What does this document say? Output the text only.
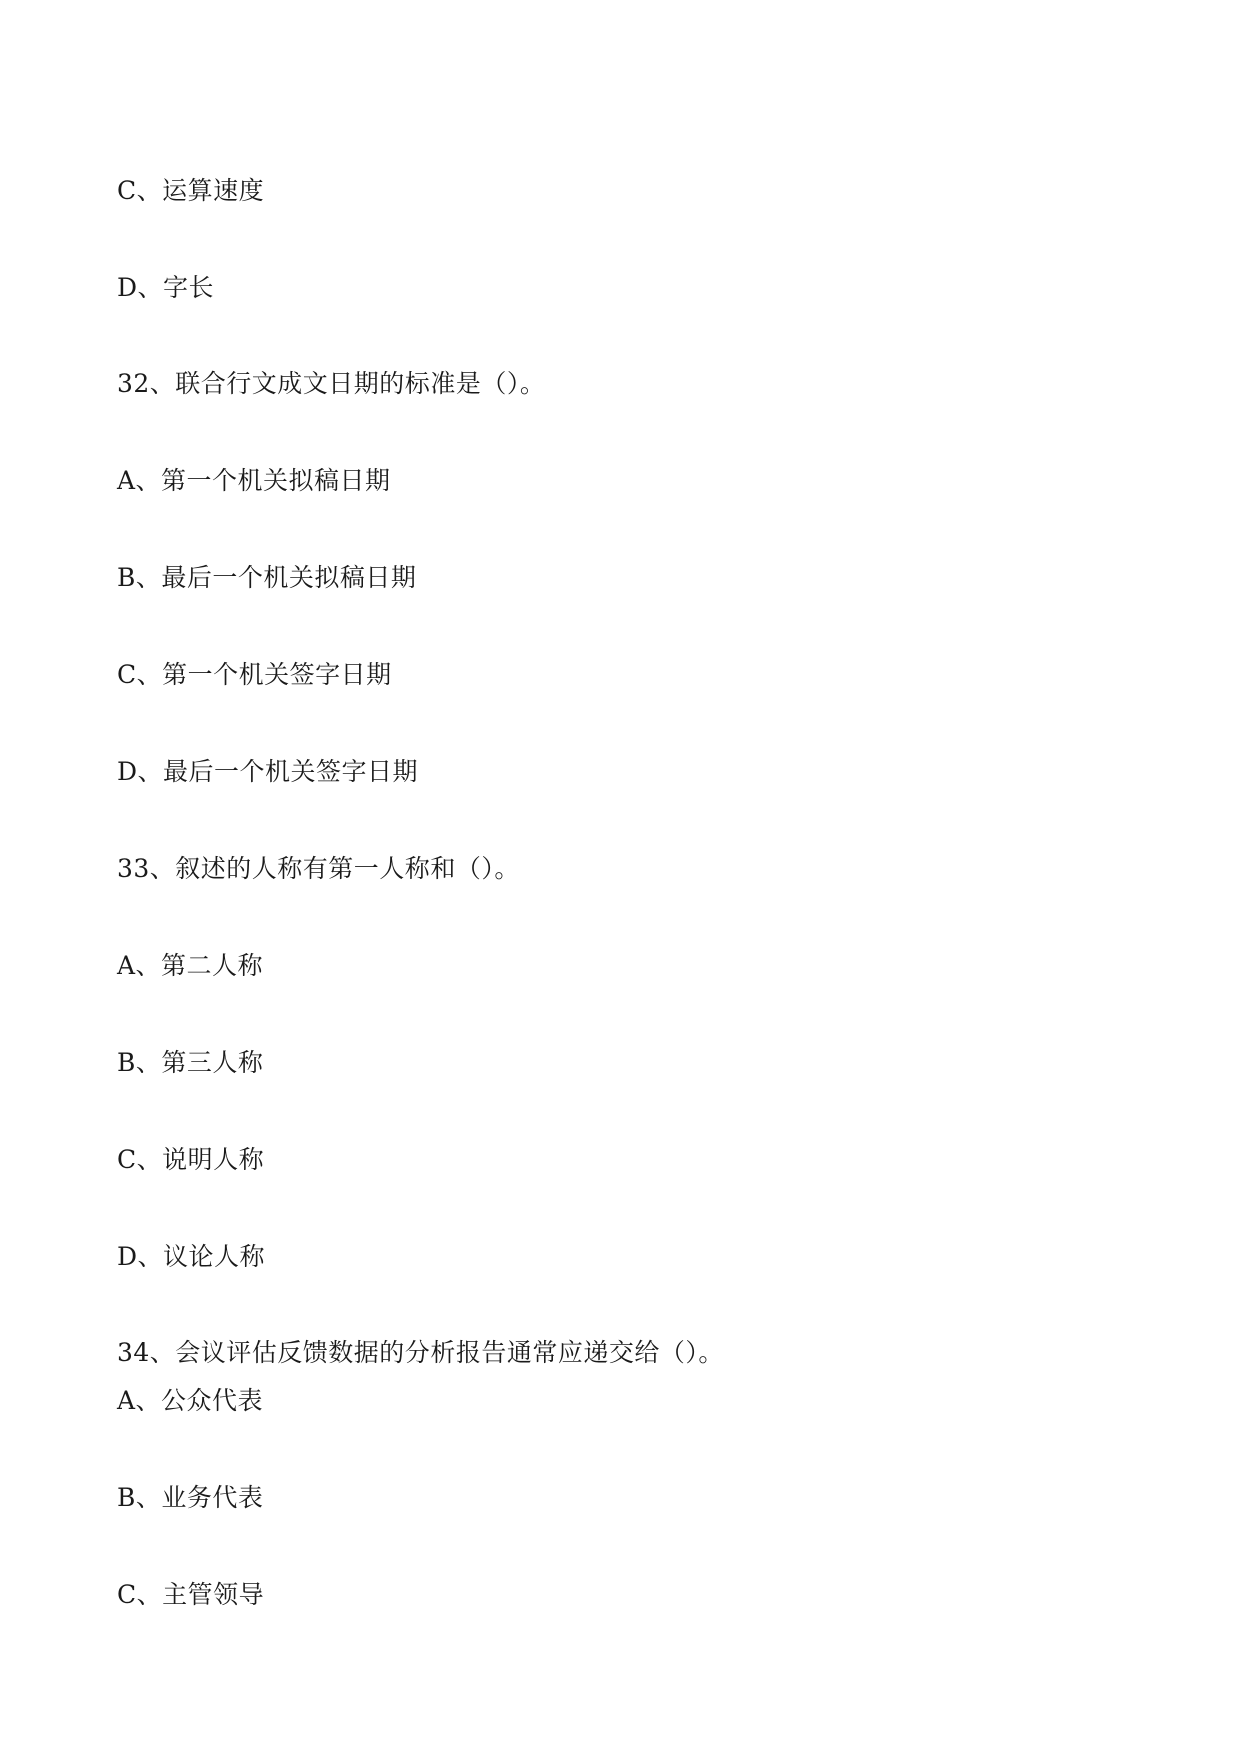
C、运算速度
D、字长
32、联合行文成文日期的标准是（）。
A、第一个机关拟稿日期
B、最后一个机关拟稿日期
C、第一个机关签字日期
D、最后一个机关签字日期
33、叙述的人称有第一人称和（）。
A、第二人称
B、第三人称
C、说明人称
D、议论人称
34、会议评估反馈数据的分析报告通常应递交给（）。
A、公众代表
B、业务代表
C、主管领导
